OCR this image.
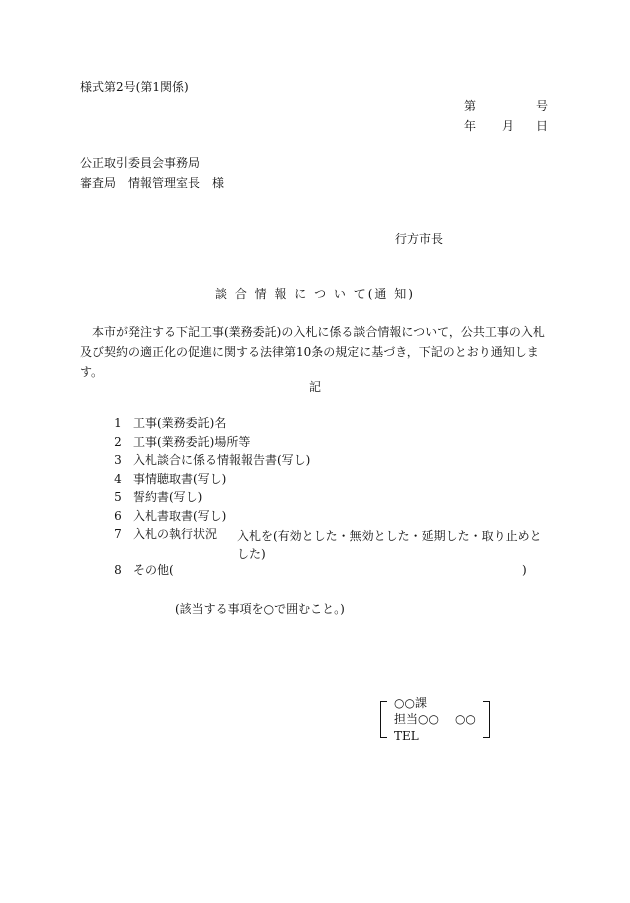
様式第2号(第1関係)
第	号
年 月 日
公正取引委員会事務局
審査局　情報管理室長　様
行方市長
談 合 情 報 に つ い て(通 知)
本市が発注する下記工事(業務委託)の入札に係る談合情報について，公共工事の入札及び契約の適正化の促進に関する法律第10条の規定に基づき，下記のとおり通知します。
記
1 工事(業務委託)名
2 工事(業務委託)場所等
3 入札談合に係る情報報告書(写し)
4 事情聴取書(写し)
5 誓約書(写し)
6 入札書取書(写し)
7 入札の執行状況 入札を(有効とした・無効とした・延期した・取り止めとした)
8 その他(	)
(該当する事項を○で囲むこと。)
○○課
担当○○ ○○
TEL
